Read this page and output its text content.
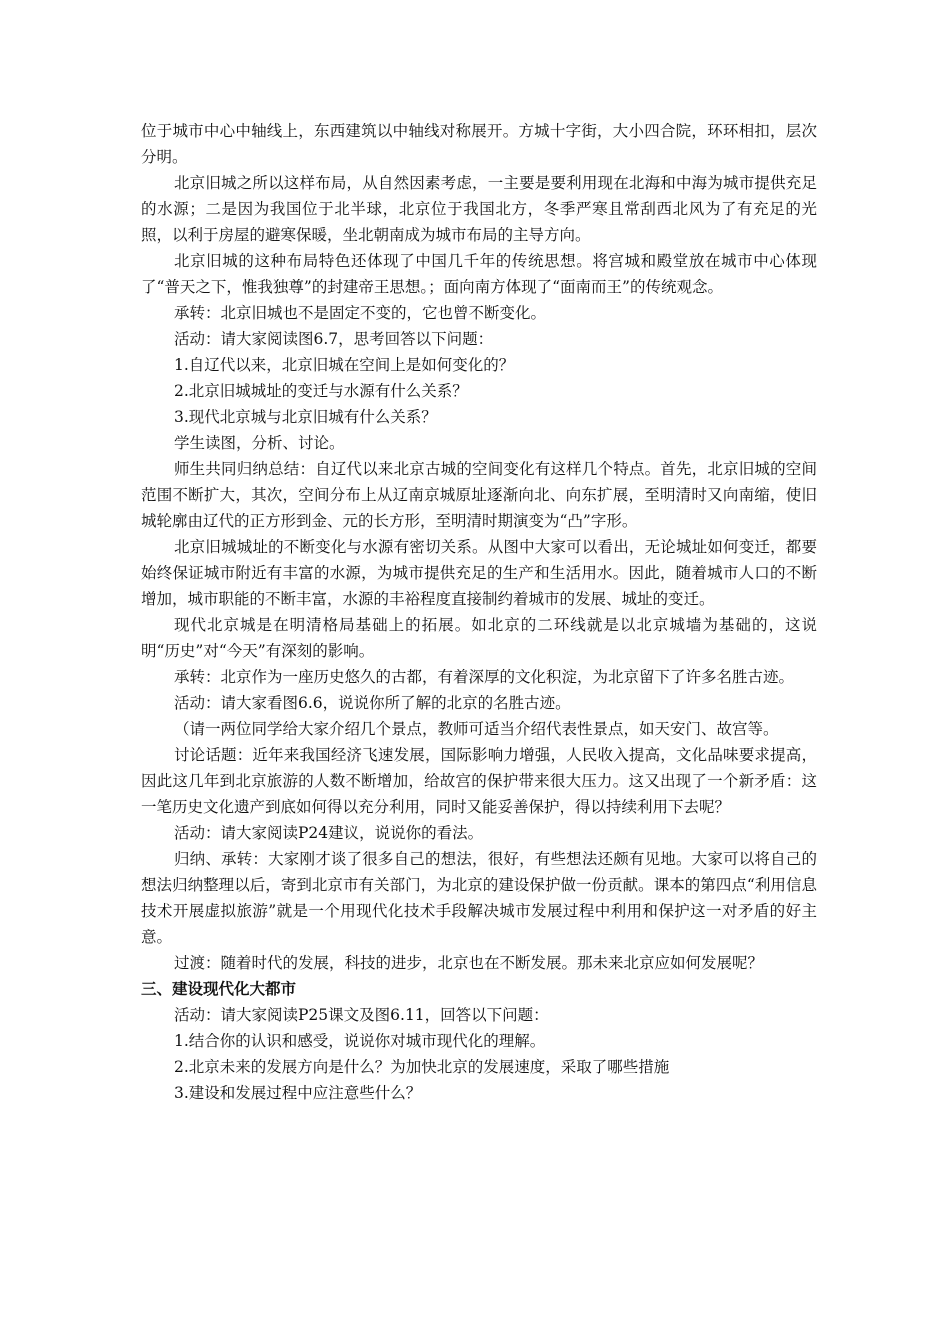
位于城市中心中轴线上，东西建筑以中轴线对称展开。方城十字街，大小四合院，环环相扣，层次分明。

北京旧城之所以这样布局，从自然因素考虑，一主要是要利用现在北海和中海为城市提供充足的水源；二是因为我国位于北半球，北京位于我国北方，冬季严寒且常刮西北风为了有充足的光照，以利于房屋的避寒保暖，坐北朝南成为城市布局的主导方向。

北京旧城的这种布局特色还体现了中国几千年的传统思想。将宫城和殿堂放在城市中心体现了“普天之下，惟我独尊”的封建帝王思想。；面向南方体现了“面南而王”的传统观念。

承转：北京旧城也不是固定不变的，它也曾不断变化。

活动：请大家阅读图6.7，思考回答以下问题：

1.自辽代以来，北京旧城在空间上是如何变化的？

2.北京旧城城址的变迁与水源有什么关系？

3.现代北京城与北京旧城有什么关系？

学生读图，分析、讨论。

师生共同归纳总结：自辽代以来北京古城的空间变化有这样几个特点。首先，北京旧城的空间范围不断扩大，其次，空间分布上从辽南京城原址逐渐向北、向东扩展，至明清时又向南缩，使旧城轮廓由辽代的正方形到金、元的长方形，至明清时期演变为“凸”字形。

北京旧城城址的不断变化与水源有密切关系。从图中大家可以看出，无论城址如何变迁，都要始终保证城市附近有丰富的水源，为城市提供充足的生产和生活用水。因此，随着城市人口的不断增加，城市职能的不断丰富，水源的丰裕程度直接制约着城市的发展、城址的变迁。

现代北京城是在明清格局基础上的拓展。如北京的二环线就是以北京城墙为基础的，这说明“历史”对“今天”有深刻的影响。

承转：北京作为一座历史悠久的古都，有着深厚的文化积淀，为北京留下了许多名胜古迹。

活动：请大家看图6.6，说说你所了解的北京的名胜古迹。

（请一两位同学给大家介绍几个景点，教师可适当介绍代表性景点，如天安门、故宫等。

讨论话题：近年来我国经济飞速发展，国际影响力增强，人民收入提高，文化品味要求提高，因此这几年到北京旅游的人数不断增加，给故宫的保护带来很大压力。这又出现了一个新矛盾：这一笔历史文化遗产到底如何得以充分利用，同时又能妥善保护，得以持续利用下去呢？

活动：请大家阅读P24建议，说说你的看法。

归纳、承转：大家刚才谈了很多自己的想法，很好，有些想法还颇有见地。大家可以将自己的想法归纳整理以后，寄到北京市有关部门，为北京的建设保护做一份贡献。课本的第四点“利用信息技术开展虚拟旅游”就是一个用现代化技术手段解决城市发展过程中利用和保护这一对矛盾的好主意。

过渡：随着时代的发展，科技的进步，北京也在不断发展。那未来北京应如何发展呢？

三、建设现代化大都市

活动：请大家阅读P25课文及图6.11，回答以下问题：

1.结合你的认识和感受，说说你对城市现代化的理解。

2.北京未来的发展方向是什么？为加快北京的发展速度，采取了哪些措施

3.建设和发展过程中应注意些什么？
